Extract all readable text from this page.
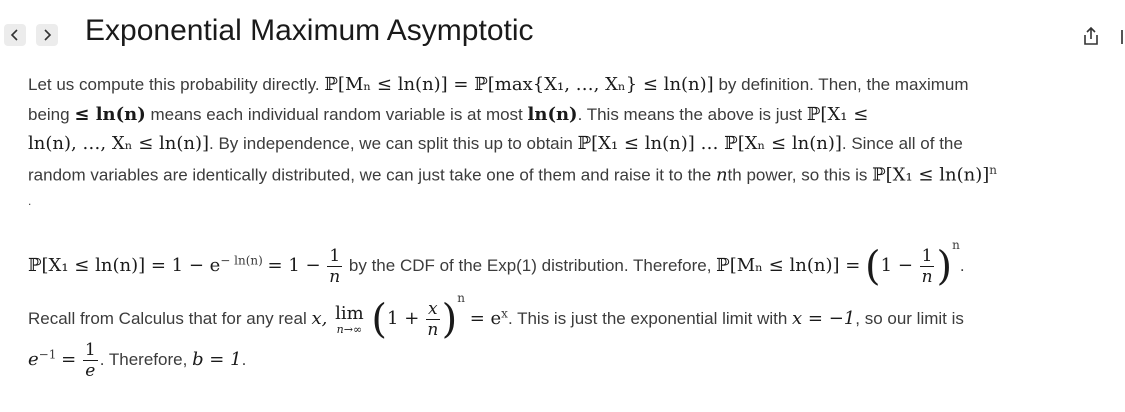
Exponential Maximum Asymptotic
Let us compute this probability directly. ℙ[Mₙ ≤ ln(n)] = ℙ[max{X₁, …, Xₙ} ≤ ln(n)] by definition. Then, the maximum
being ≤ ln(n) means each individual random variable is at most ln(n). This means the above is just ℙ[X₁ ≤
ln(n), …, Xₙ ≤ ln(n)]. By independence, we can split this up to obtain ℙ[X₁ ≤ ln(n)] … ℙ[Xₙ ≤ ln(n)]. Since all of the
random variables are identically distributed, we can just take one of them and raise it to the nth power, so this is ℙ[X₁ ≤ ln(n)]$^n$
.
ℙ[X₁ ≤ $\ln(n)] = 1 - e^{- ln(n)} = 1 - \frac{1}{n}$ by the CDF of the Exp(1) distribution. Therefore, ℙ[Mₙ ≤ $\ln(n)] = (1 - \frac{1}{n} )^n$.
Recall from Calculus that for any real x, lim
n→∞ $(1 + \frac{x}{n} )^n = e^x$. This is just the exponential limit with x = −1, so our limit is
$e^{-1} = \frac{1}{e}$ . Therefore, b = 1.
